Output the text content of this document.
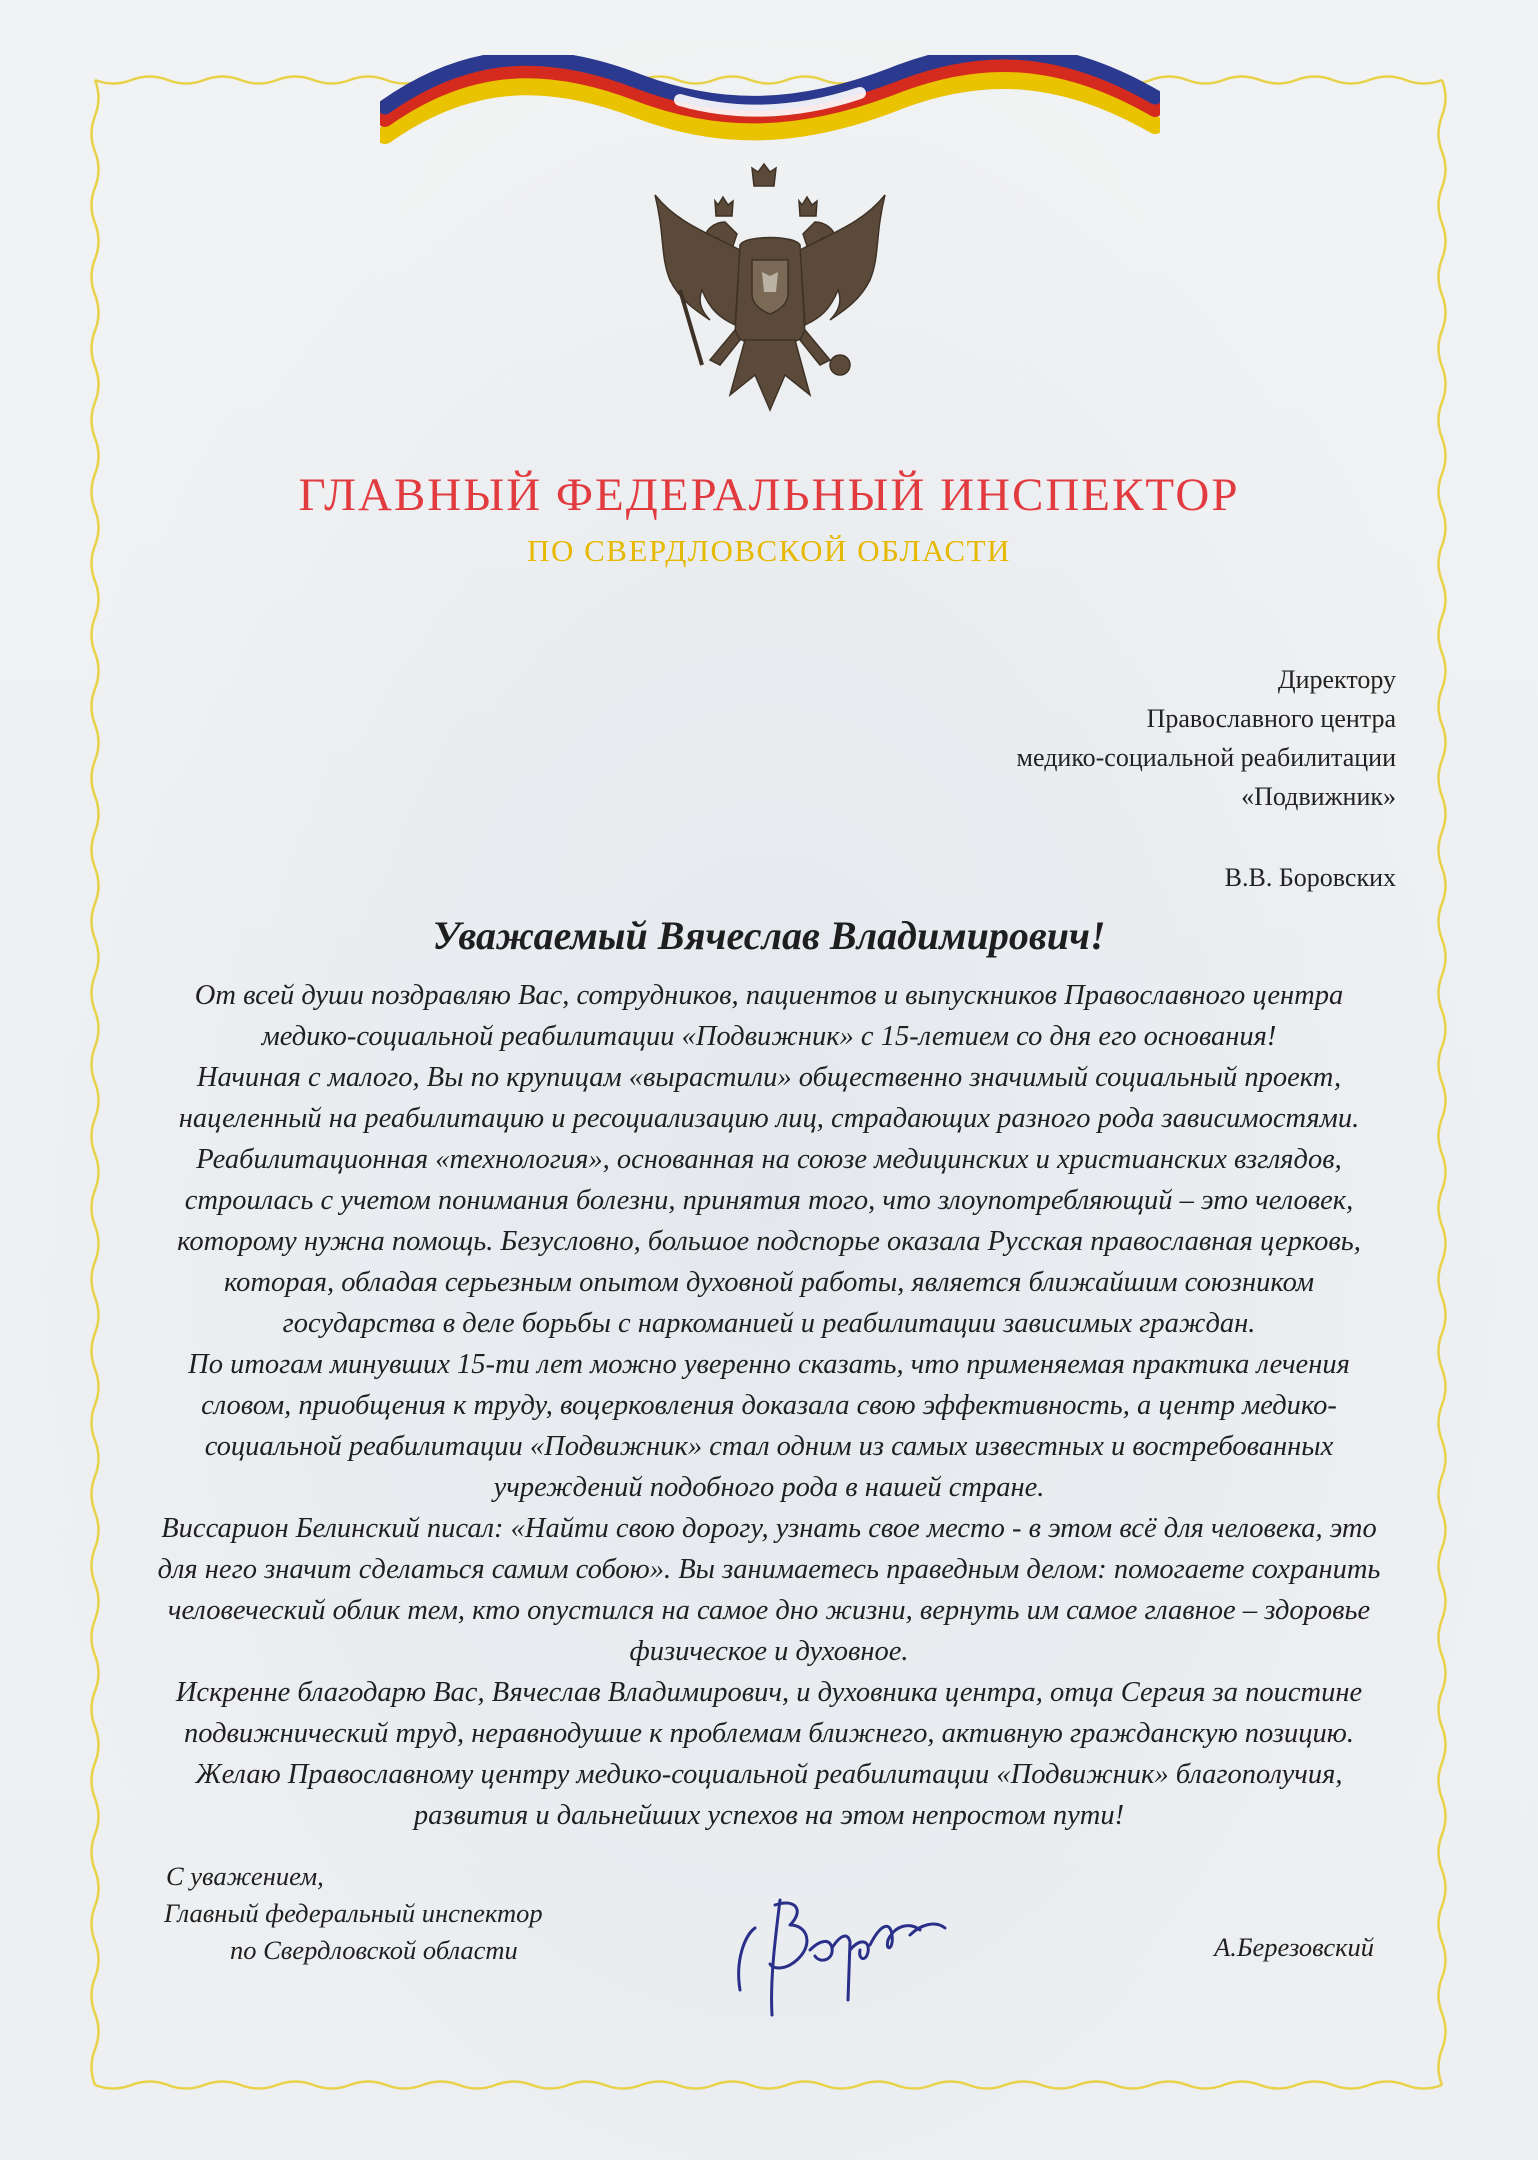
ГЛАВНЫЙ ФЕДЕРАЛЬНЫЙ ИНСПЕКТОР
ПО СВЕРДЛОВСКОЙ ОБЛАСТИ
Директору
Православного центра
медико-социальной реабилитации
«Подвижник»
В.В. Боровских
Уважаемый Вячеслав Владимирович!
От всей души поздравляю Вас, сотрудников, пациентов и выпускников Православного центра медико-социальной реабилитации «Подвижник» с 15-летием со дня его основания!
Начиная с малого, Вы по крупицам «вырастили» общественно значимый социальный проект, нацеленный на реабилитацию и ресоциализацию лиц, страдающих разного рода зависимостями. Реабилитационная «технология», основанная на союзе медицинских и христианских взглядов, строилась с учетом понимания болезни, принятия того, что злоупотребляющий – это человек, которому нужна помощь. Безусловно, большое подспорье оказала Русская православная церковь, которая, обладая серьезным опытом духовной работы, является ближайшим союзником государства в деле борьбы с наркоманией и реабилитации зависимых граждан.
По итогам минувших 15-ти лет можно уверенно сказать, что применяемая практика лечения словом, приобщения к труду, воцерковления доказала свою эффективность, а центр медико-социальной реабилитации «Подвижник» стал одним из самых известных и востребованных учреждений подобного рода в нашей стране.
Виссарион Белинский писал: «Найти свою дорогу, узнать свое место - в этом всё для человека, это для него значит сделаться самим собою». Вы занимаетесь праведным делом: помогаете сохранить человеческий облик тем, кто опустился на самое дно жизни, вернуть им самое главное – здоровье физическое и духовное.
Искренне благодарю Вас, Вячеслав Владимирович, и духовника центра, отца Сергия за поистине подвижнический труд, неравнодушие к проблемам ближнего, активную гражданскую позицию.
Желаю Православному центру медико-социальной реабилитации «Подвижник» благополучия, развития и дальнейших успехов на этом непростом пути!
С уважением,
Главный федеральный инспектор
по Свердловской области	А.Березовский
